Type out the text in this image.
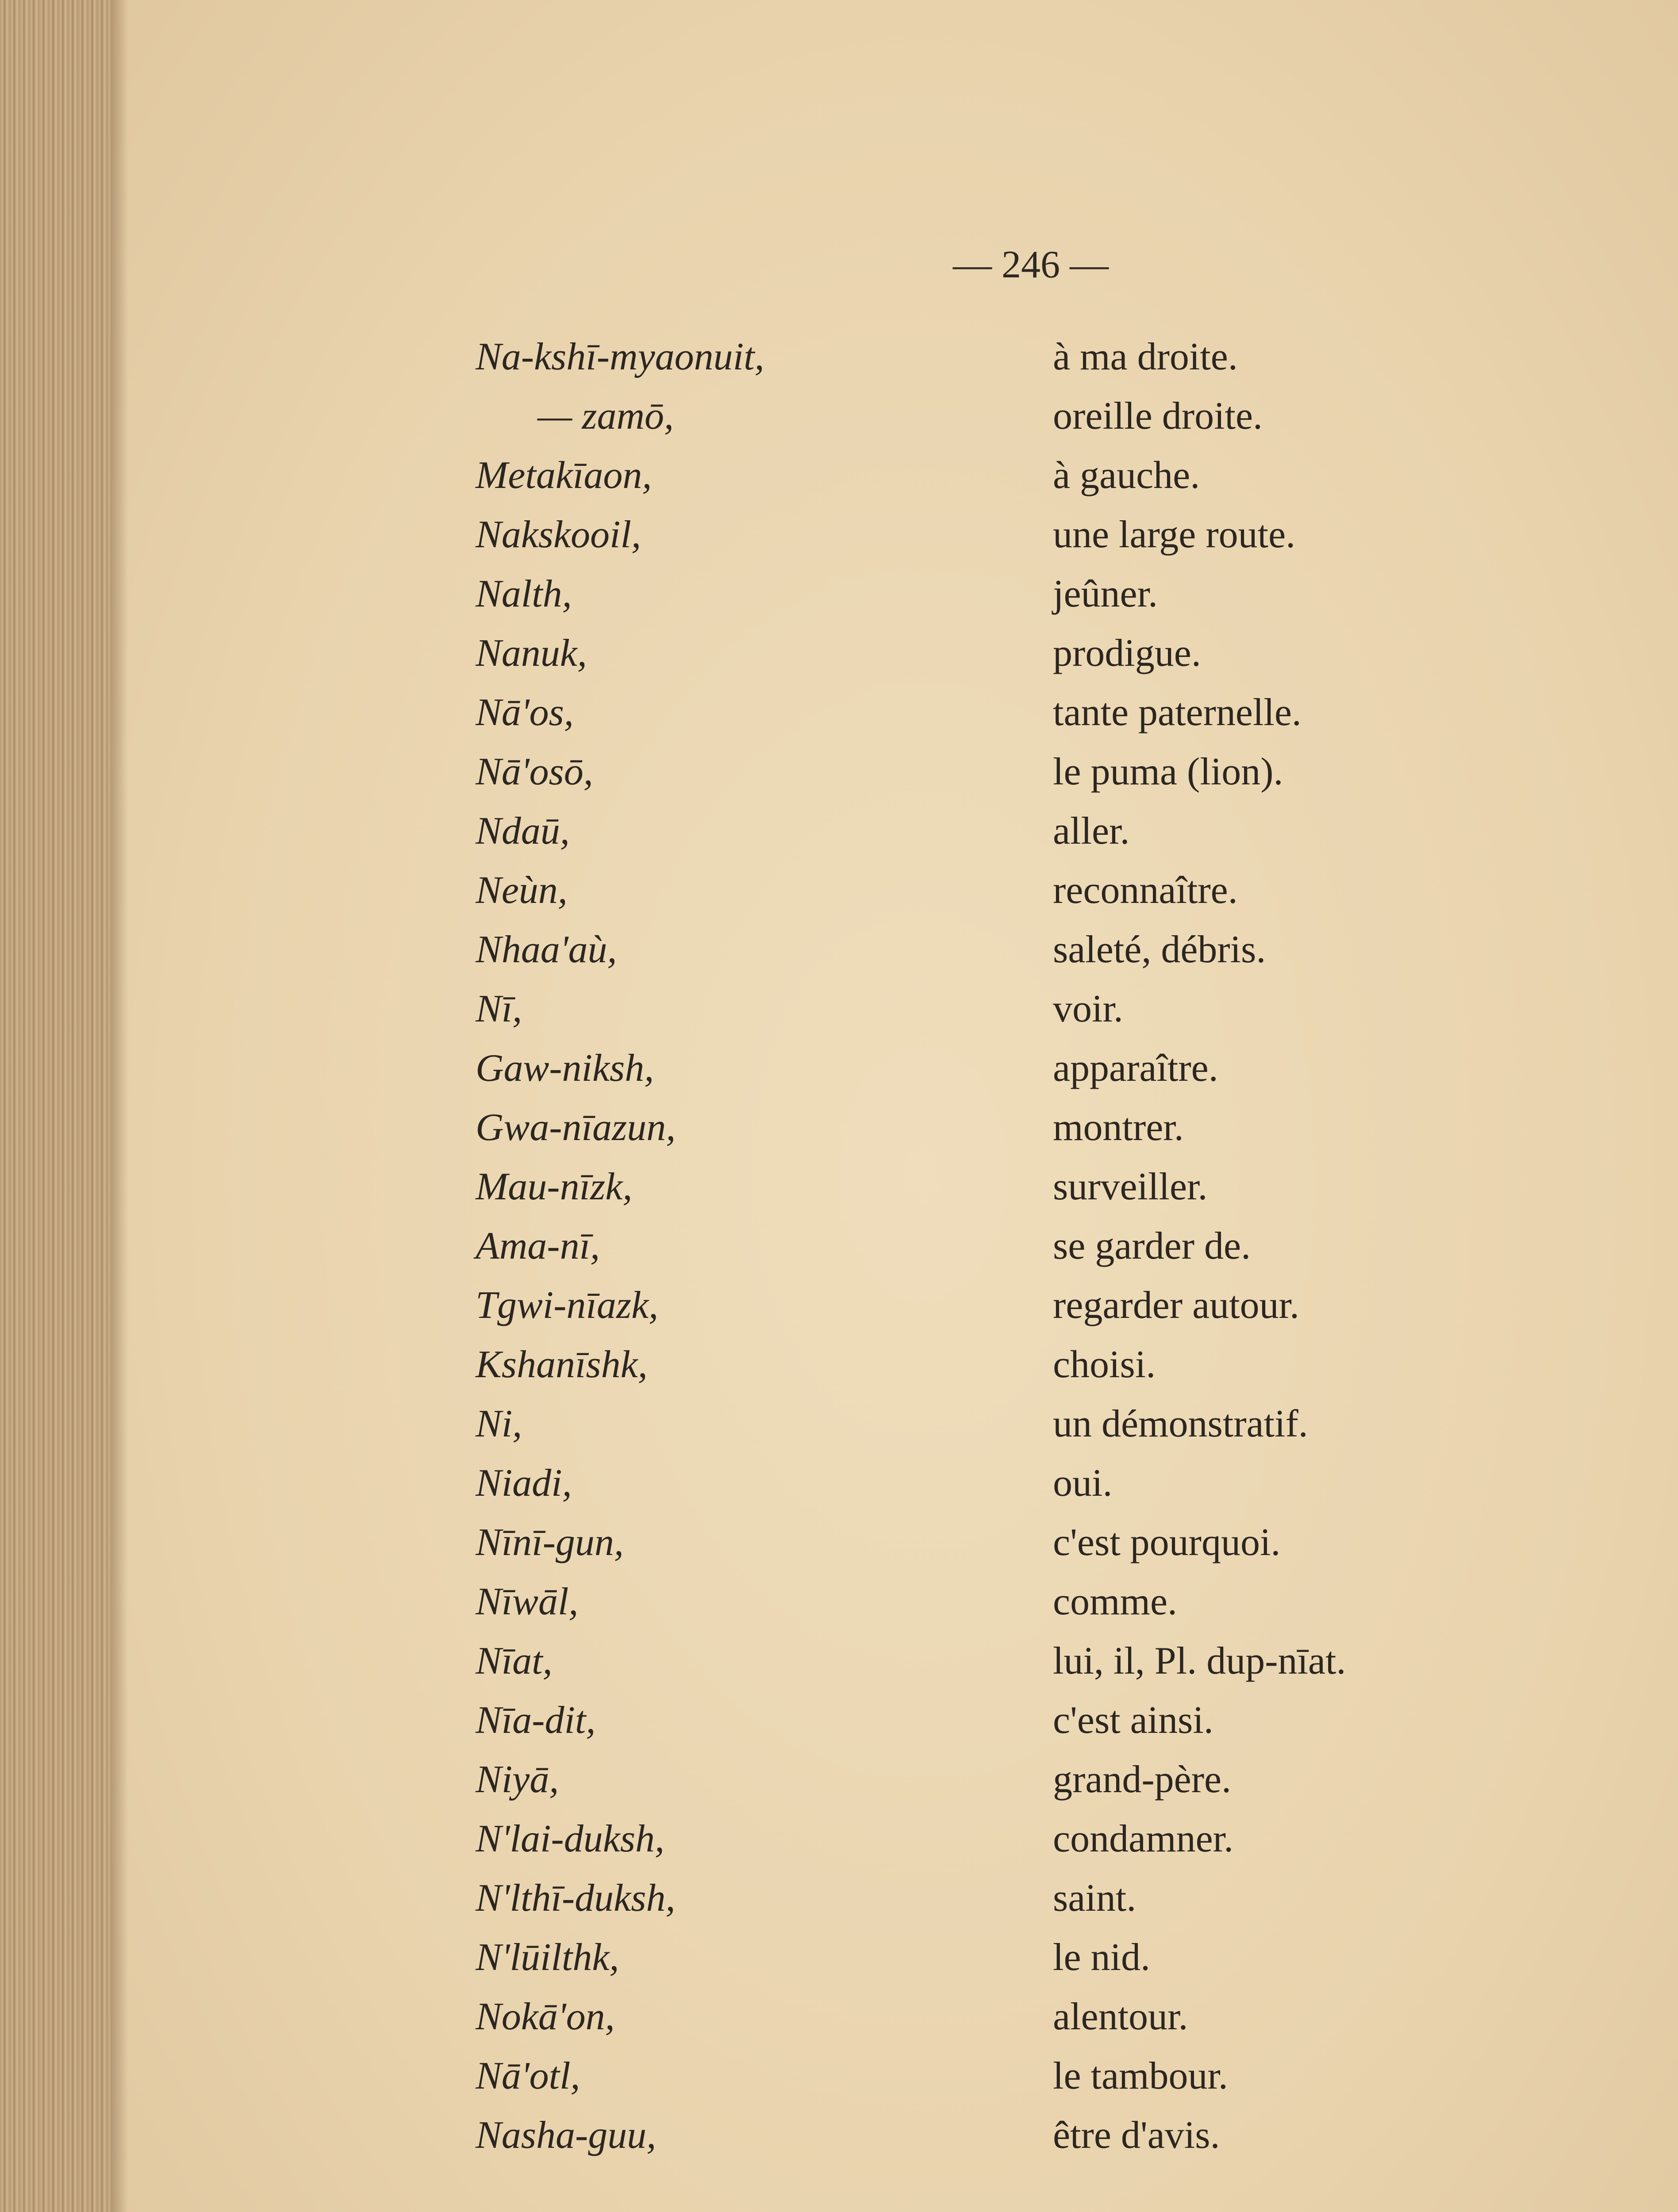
— 246 —
Na-kshī-myaonuit,	à ma droite.
— zamō,	oreille droite.
Metakīaon,	à gauche.
Nakskooil,	une large route.
Nalth,	jeûner.
Nanuk,	prodigue.
Nā'os,	tante paternelle.
Nā'osō,	le puma (lion).
Ndaū,	aller.
Neùn,	reconnaître.
Nhaa'aù,	saleté, débris.
Nī,	voir.
Gaw-niksh,	apparaître.
Gwa-nīazun,	montrer.
Mau-nīzk,	surveiller.
Ama-nī,	se garder de.
Tgwi-nīazk,	regarder autour.
Kshanīshk,	choisi.
Ni,	un démonstratif.
Niadi,	oui.
Nīnī-gun,	c'est pourquoi.
Nīwāl,	comme.
Nīat,	lui, il, Pl. dup-nīat.
Nīa-dit,	c'est ainsi.
Niyā,	grand-père.
N'lai-duksh,	condamner.
N'lthī-duksh,	saint.
N'lūilthk,	le nid.
Nokā'on,	alentour.
Nā'otl,	le tambour.
Nasha-guu,	être d'avis.
